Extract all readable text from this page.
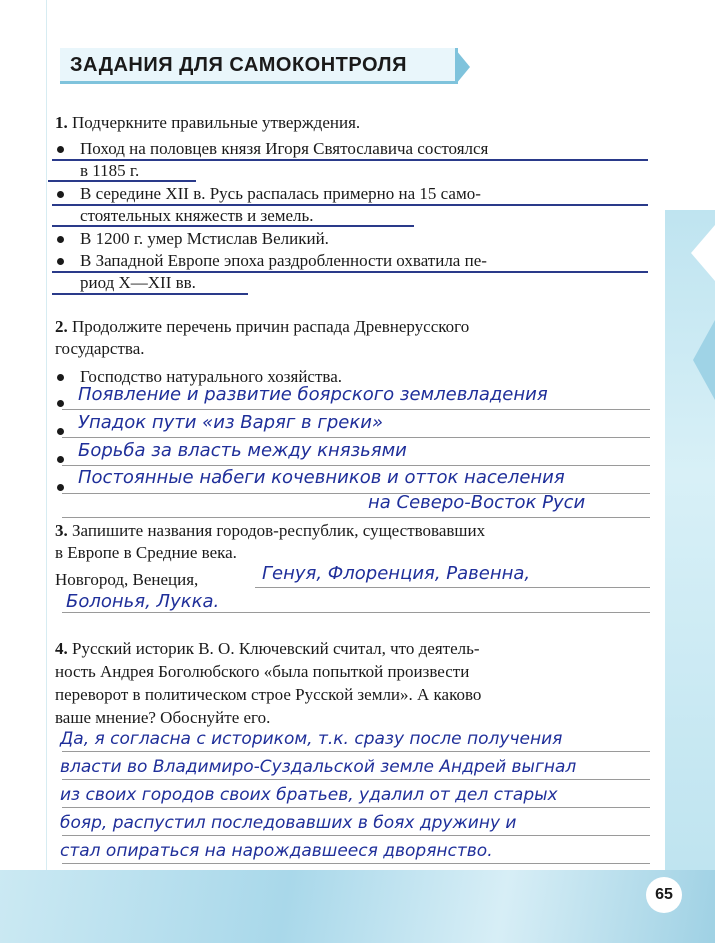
ЗАДАНИЯ ДЛЯ САМОКОНТРОЛЯ
1. Подчеркните правильные утверждения.
Поход на половцев князя Игоря Святославича состоялся
в 1185 г.
В середине XII в. Русь распалась примерно на 15 само-
стоятельных княжеств и земель.
В 1200 г. умер Мстислав Великий.
В Западной Европе эпоха раздробленности охватила пе-
риод X—XII вв.
2. Продолжите перечень причин распада Древнерусского
государства.
Господство натурального хозяйства.
Появление и развитие боярского землевладения
Упадок пути «из Варяг в греки»
Борьба за власть между князьями
Постоянные набеги кочевников и отток населения
на Северо-Восток Руси
3. Запишите названия городов-республик, существовавших
в Европе в Средние века.
Новгород, Венеция,	Генуя, Флоренция, Равенна,
Болонья, Лукка.
4. Русский историк В. О. Ключевский считал, что деятель-
ность Андрея Боголюбского «была попыткой произвести
переворот в политическом строе Русской земли». А каково
ваше мнение? Обоснуйте его.
Да, я согласна с историком, т.к. сразу после получения
власти во Владимиро-Суздальской земле Андрей выгнал
из своих городов своих братьев, удалил от дел старых
бояр, распустил последовавших в боях дружину и
стал опираться на нарождавшееся дворянство.
65
